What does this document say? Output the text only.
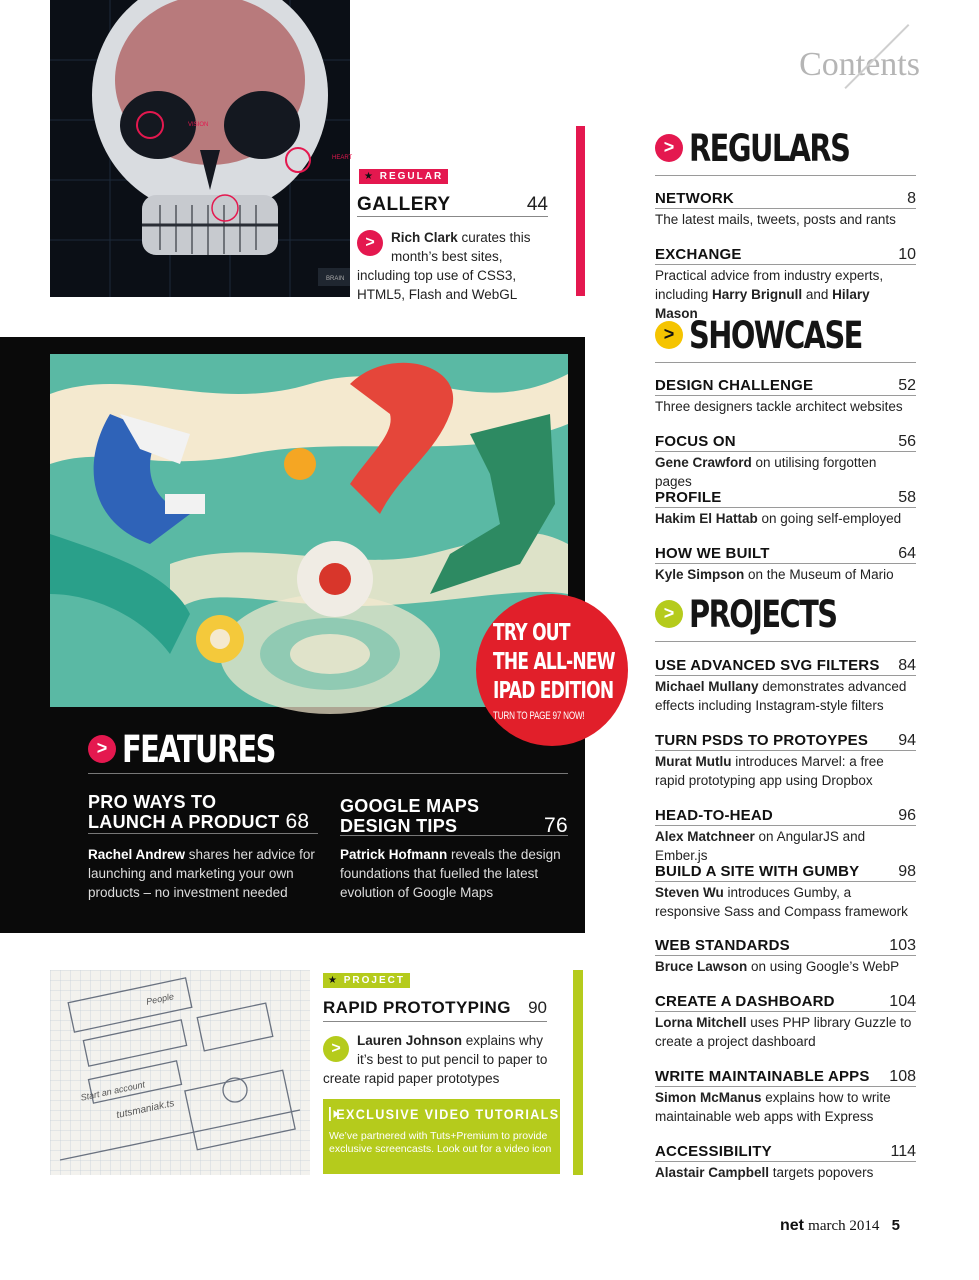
Contents
VISION
HEART
BRAIN
★ REGULAR
GALLERY	44
>	Rich Clark curates this
month’s best sites, including top use of CSS3, HTML5, Flash and WebGL
TRY OUT
THE ALL-NEW
IPAD EDITION
TURN TO PAGE 97 NOW!
> FEATURES
PRO WAYS TO
LAUNCH A PRODUCT 68
Rachel Andrew shares her advice for launching and marketing your own products – no investment needed
GOOGLE MAPS
DESIGN TIPS	76
Patrick Hofmann reveals the design foundations that fuelled the latest evolution of Google Maps
tutsmaniak.ts
Start an account
People
★ PROJECT
RAPID PROTOTYPING 90
>	Lauren Johnson explains why
it’s best to put pencil to paper to create rapid paper prototypes
EXCLUSIVE VIDEO TUTORIALS!
We’ve partnered with Tuts+Premium to provide exclusive screencasts. Look out for a video icon
> REGULARS
NETWORK	8
The latest mails, tweets, posts and rants
EXCHANGE	10
Practical advice from industry experts, including Harry Brignull and Hilary Mason
> SHOWCASE
DESIGN CHALLENGE	52
Three designers tackle architect websites
FOCUS ON	56
Gene Crawford on utilising forgotten pages
PROFILE	58
Hakim El Hattab on going self-employed
HOW WE BUILT	64
Kyle Simpson on the Museum of Mario
> PROJECTS
USE ADVANCED SVG FILTERS 84
Michael Mullany demonstrates advanced effects including Instagram-style filters
TURN PSDS TO PROTOYPES 94
Murat Mutlu introduces Marvel: a free rapid prototyping app using Dropbox
HEAD-TO-HEAD	96
Alex Matchneer on AngularJS and Ember.js
BUILD A SITE WITH GUMBY 98
Steven Wu introduces Gumby, a responsive Sass and Compass framework
WEB STANDARDS	103
Bruce Lawson on using Google’s WebP
CREATE A DASHBOARD	104
Lorna Mitchell uses PHP library Guzzle to create a project dashboard
WRITE MAINTAINABLE APPS 108
Simon McManus explains how to write maintainable web apps with Express
ACCESSIBILITY	114
Alastair Campbell targets popovers
net march 2014 5
